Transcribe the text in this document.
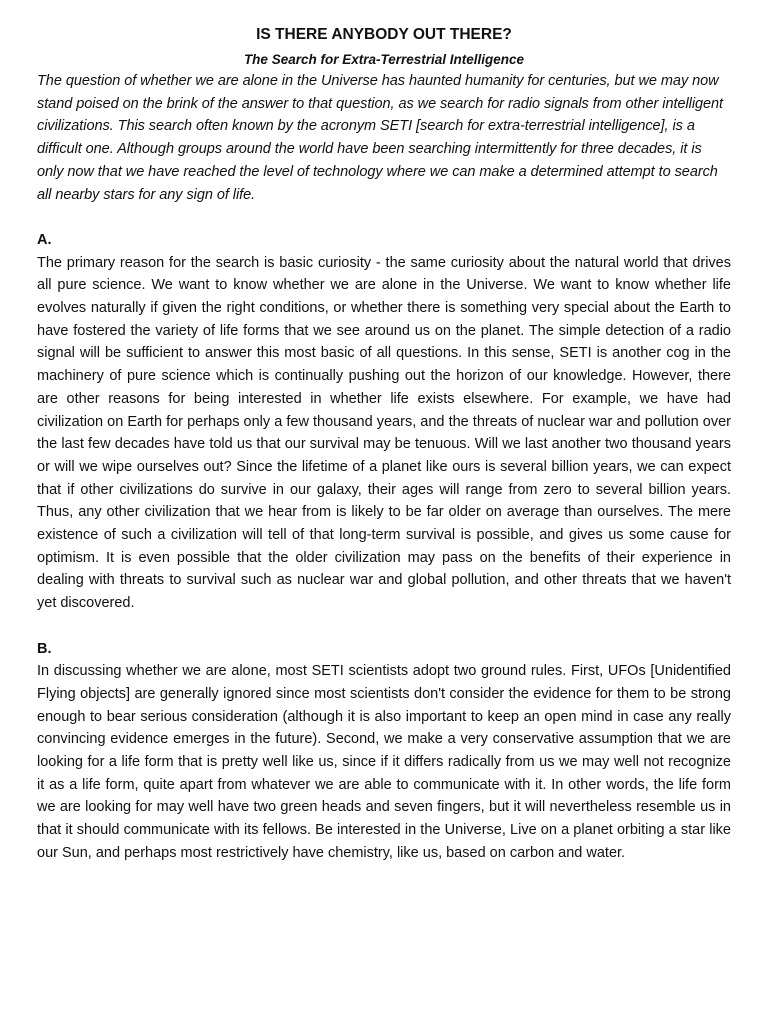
IS THERE ANYBODY OUT THERE?
The Search for Extra-Terrestrial Intelligence

The question of whether we are alone in the Universe has haunted humanity for centuries, but we may now stand poised on the brink of the answer to that question, as we search for radio signals from other intelligent civilizations. This search often known by the acronym SETI [search for extra-terrestrial intelligence], is a difficult one. Although groups around the world have been searching intermittently for three decades, it is only now that we have reached the level of technology where we can make a determined attempt to search all nearby stars for any sign of life.

A.

The primary reason for the search is basic curiosity - the same curiosity about the natural world that drives all pure science. We want to know whether we are alone in the Universe. We want to know whether life evolves naturally if given the right conditions, or whether there is something very special about the Earth to have fostered the variety of life forms that we see around us on the planet. The simple detection of a radio signal will be sufficient to answer this most basic of all questions. In this sense, SETI is another cog in the machinery of pure science which is continually pushing out the horizon of our knowledge. However, there are other reasons for being interested in whether life exists elsewhere. For example, we have had civilization on Earth for perhaps only a few thousand years, and the threats of nuclear war and pollution over the last few decades have told us that our survival may be tenuous. Will we last another two thousand years or will we wipe ourselves out? Since the lifetime of a planet like ours is several billion years, we can expect that if other civilizations do survive in our galaxy, their ages will range from zero to several billion years. Thus, any other civilization that we hear from is likely to be far older on average than ourselves. The mere existence of such a civilization will tell of that long-term survival is possible, and gives us some cause for optimism. It is even possible that the older civilization may pass on the benefits of their experience in dealing with threats to survival such as nuclear war and global pollution, and other threats that we haven't yet discovered.

B.

In discussing whether we are alone, most SETI scientists adopt two ground rules. First, UFOs [Unidentified Flying objects] are generally ignored since most scientists don't consider the evidence for them to be strong enough to bear serious consideration (although it is also important to keep an open mind in case any really convincing evidence emerges in the future). Second, we make a very conservative assumption that we are looking for a life form that is pretty well like us, since if it differs radically from us we may well not recognize it as a life form, quite apart from whatever we are able to communicate with it. In other words, the life form we are looking for may well have two green heads and seven fingers, but it will nevertheless resemble us in that it should communicate with its fellows. Be interested in the Universe, Live on a planet orbiting a star like our Sun, and perhaps most restrictively have chemistry, like us, based on carbon and water.
